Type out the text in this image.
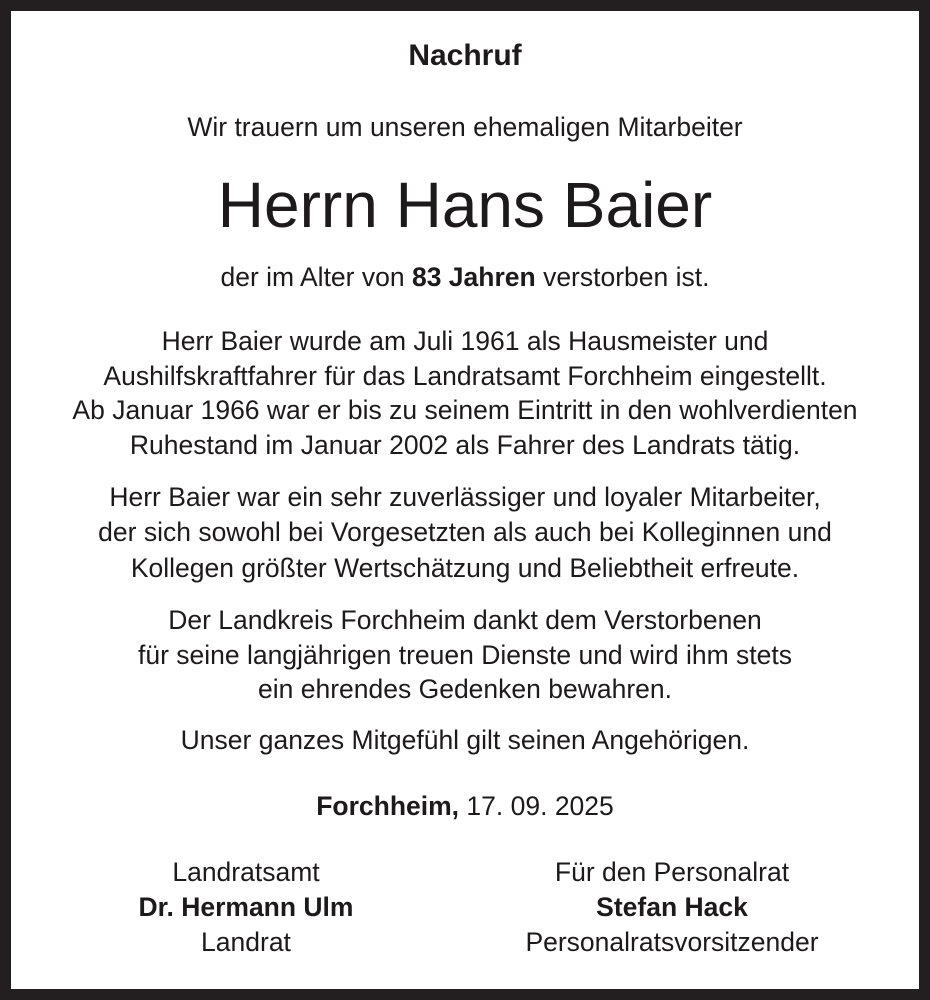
Nachruf
Wir trauern um unseren ehemaligen Mitarbeiter
Herrn Hans Baier
der im Alter von 83 Jahren verstorben ist.
Herr Baier wurde am Juli 1961 als Hausmeister und
Aushilfskraftfahrer für das Landratsamt Forchheim eingestellt.
Ab Januar 1966 war er bis zu seinem Eintritt in den wohlverdienten
Ruhestand im Januar 2002 als Fahrer des Landrats tätig.
Herr Baier war ein sehr zuverlässiger und loyaler Mitarbeiter,
der sich sowohl bei Vorgesetzten als auch bei Kolleginnen und
Kollegen größter Wertschätzung und Beliebtheit erfreute.
Der Landkreis Forchheim dankt dem Verstorbenen
für seine langjährigen treuen Dienste und wird ihm stets
ein ehrendes Gedenken bewahren.
Unser ganzes Mitgefühl gilt seinen Angehörigen.
Forchheim, 17. 09. 2025
Landratsamt
Dr. Hermann Ulm
Landrat
Für den Personalrat
Stefan Hack
Personalratsvorsitzender
